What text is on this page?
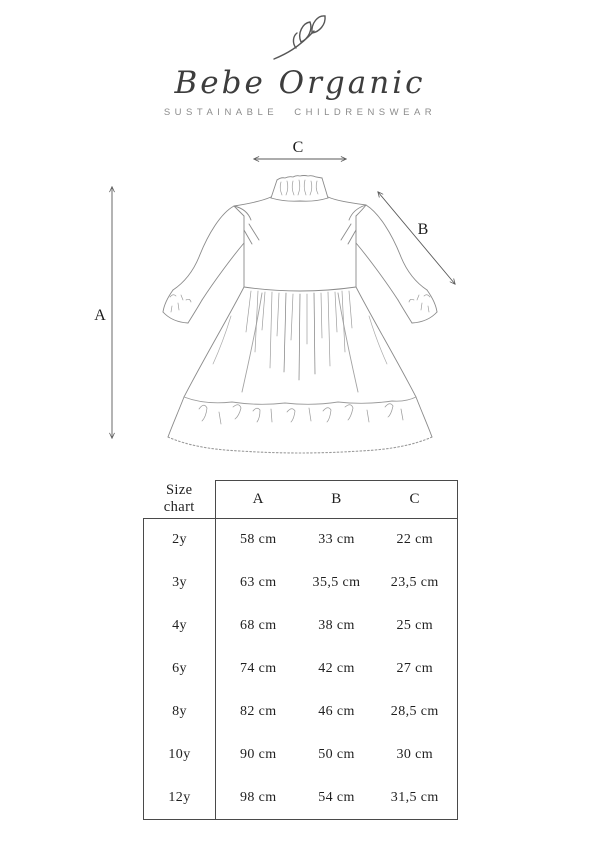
Bebe Organic
SUSTAINABLE CHILDRENSWEAR
A
B
C
Size
chart	A	B	C
2y	58 cm	33 cm	22 cm
3y	63 cm	35,5 cm	23,5 cm
4y	68 cm	38 cm	25 cm
6y	74 cm	42 cm	27 cm
8y	82 cm	46 cm	28,5 cm
10y	90 cm	50 cm	30 cm
12y	98 cm	54 cm	31,5 cm
